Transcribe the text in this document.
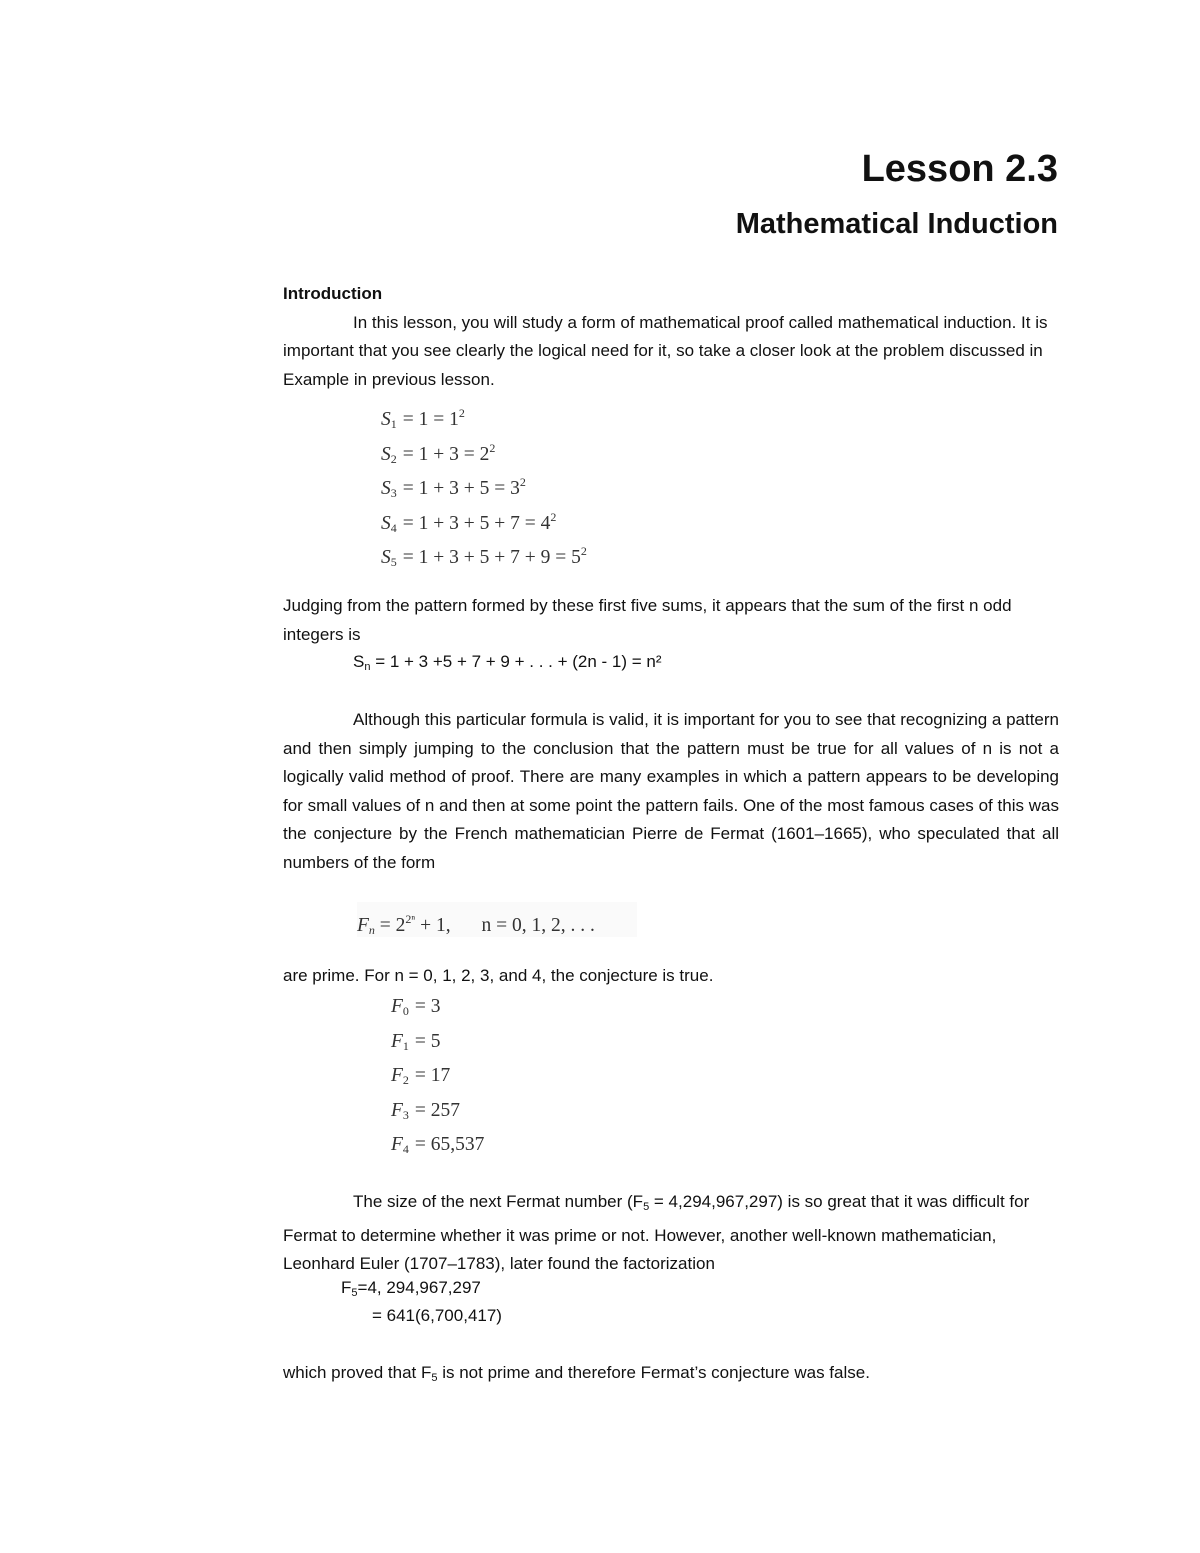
Lesson 2.3
Mathematical Induction
Introduction
In this lesson, you will study a form of mathematical proof called mathematical induction. It is important that you see clearly the logical need for it, so take a closer look at the problem discussed in Example in previous lesson.
$S_1 = 1 = 1^2$
$S_2 = 1 + 3 = 2^2$
$S_3 = 1 + 3 + 5 = 3^2$
$S_4 = 1 + 3 + 5 + 7 = 4^2$
$S_5 = 1 + 3 + 5 + 7 + 9 = 5^2$
Judging from the pattern formed by these first five sums, it appears that the sum of the first n odd integers is
Sn = 1 + 3 +5 + 7 + 9 + . . . + (2n - 1) = n²
Although this particular formula is valid, it is important for you to see that recognizing a pattern and then simply jumping to the conclusion that the pattern must be true for all values of n is not a logically valid method of proof. There are many examples in which a pattern appears to be developing for small values of n and then at some point the pattern fails. One of the most famous cases of this was the conjecture by the French mathematician Pierre de Fermat (1601–1665), who speculated that all numbers of the form
$F_n = 2^{2^n} + 1$, n = 0, 1, 2, . . .
are prime. For n = 0, 1, 2, 3, and 4, the conjecture is true.
$F_0 = 3$
$F_1 = 5$
$F_2 = 17$
$F_3 = 257$
$F_4 = 65,537$
The size of the next Fermat number (F5 = 4,294,967,297) is so great that it was difficult for Fermat to determine whether it was prime or not. However, another well-known mathematician, Leonhard Euler (1707–1783), later found the factorization
F5=4, 294,967,297
= 641(6,700,417)
which proved that F5 is not prime and therefore Fermat’s conjecture was false.
